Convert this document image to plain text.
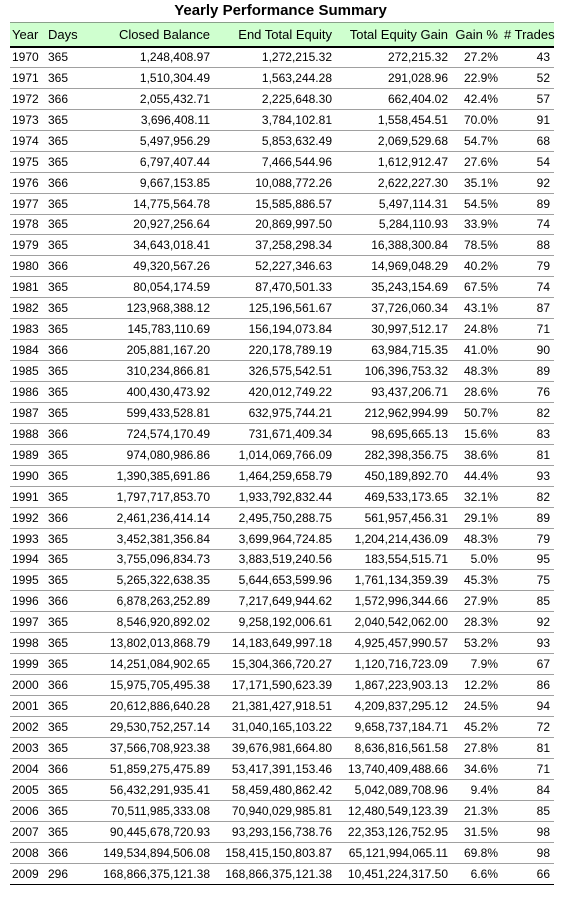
Yearly Performance Summary
Year	Days	Closed Balance	End Total Equity	Total Equity Gain	Gain %	# Trades
1970	365	1,248,408.97	1,272,215.32	272,215.32	27.2%	43
1971	365	1,510,304.49	1,563,244.28	291,028.96	22.9%	52
1972	366	2,055,432.71	2,225,648.30	662,404.02	42.4%	57
1973	365	3,696,408.11	3,784,102.81	1,558,454.51	70.0%	91
1974	365	5,497,956.29	5,853,632.49	2,069,529.68	54.7%	68
1975	365	6,797,407.44	7,466,544.96	1,612,912.47	27.6%	54
1976	366	9,667,153.85	10,088,772.26	2,622,227.30	35.1%	92
1977	365	14,775,564.78	15,585,886.57	5,497,114.31	54.5%	89
1978	365	20,927,256.64	20,869,997.50	5,284,110.93	33.9%	74
1979	365	34,643,018.41	37,258,298.34	16,388,300.84	78.5%	88
1980	366	49,320,567.26	52,227,346.63	14,969,048.29	40.2%	79
1981	365	80,054,174.59	87,470,501.33	35,243,154.69	67.5%	74
1982	365	123,968,388.12	125,196,561.67	37,726,060.34	43.1%	87
1983	365	145,783,110.69	156,194,073.84	30,997,512.17	24.8%	71
1984	366	205,881,167.20	220,178,789.19	63,984,715.35	41.0%	90
1985	365	310,234,866.81	326,575,542.51	106,396,753.32	48.3%	89
1986	365	400,430,473.92	420,012,749.22	93,437,206.71	28.6%	76
1987	365	599,433,528.81	632,975,744.21	212,962,994.99	50.7%	82
1988	366	724,574,170.49	731,671,409.34	98,695,665.13	15.6%	83
1989	365	974,080,986.86	1,014,069,766.09	282,398,356.75	38.6%	81
1990	365	1,390,385,691.86	1,464,259,658.79	450,189,892.70	44.4%	93
1991	365	1,797,717,853.70	1,933,792,832.44	469,533,173.65	32.1%	82
1992	366	2,461,236,414.14	2,495,750,288.75	561,957,456.31	29.1%	89
1993	365	3,452,381,356.84	3,699,964,724.85	1,204,214,436.09	48.3%	79
1994	365	3,755,096,834.73	3,883,519,240.56	183,554,515.71	5.0%	95
1995	365	5,265,322,638.35	5,644,653,599.96	1,761,134,359.39	45.3%	75
1996	366	6,878,263,252.89	7,217,649,944.62	1,572,996,344.66	27.9%	85
1997	365	8,546,920,892.02	9,258,192,006.61	2,040,542,062.00	28.3%	92
1998	365	13,802,013,868.79	14,183,649,997.18	4,925,457,990.57	53.2%	93
1999	365	14,251,084,902.65	15,304,366,720.27	1,120,716,723.09	7.9%	67
2000	366	15,975,705,495.38	17,171,590,623.39	1,867,223,903.13	12.2%	86
2001	365	20,612,886,640.28	21,381,427,918.51	4,209,837,295.12	24.5%	94
2002	365	29,530,752,257.14	31,040,165,103.22	9,658,737,184.71	45.2%	72
2003	365	37,566,708,923.38	39,676,981,664.80	8,636,816,561.58	27.8%	81
2004	366	51,859,275,475.89	53,417,391,153.46	13,740,409,488.66	34.6%	71
2005	365	56,432,291,935.41	58,459,480,862.42	5,042,089,708.96	9.4%	84
2006	365	70,511,985,333.08	70,940,029,985.81	12,480,549,123.39	21.3%	85
2007	365	90,445,678,720.93	93,293,156,738.76	22,353,126,752.95	31.5%	98
2008	366	149,534,894,506.08	158,415,150,803.87	65,121,994,065.11	69.8%	98
2009	296	168,866,375,121.38	168,866,375,121.38	10,451,224,317.50	6.6%	66
